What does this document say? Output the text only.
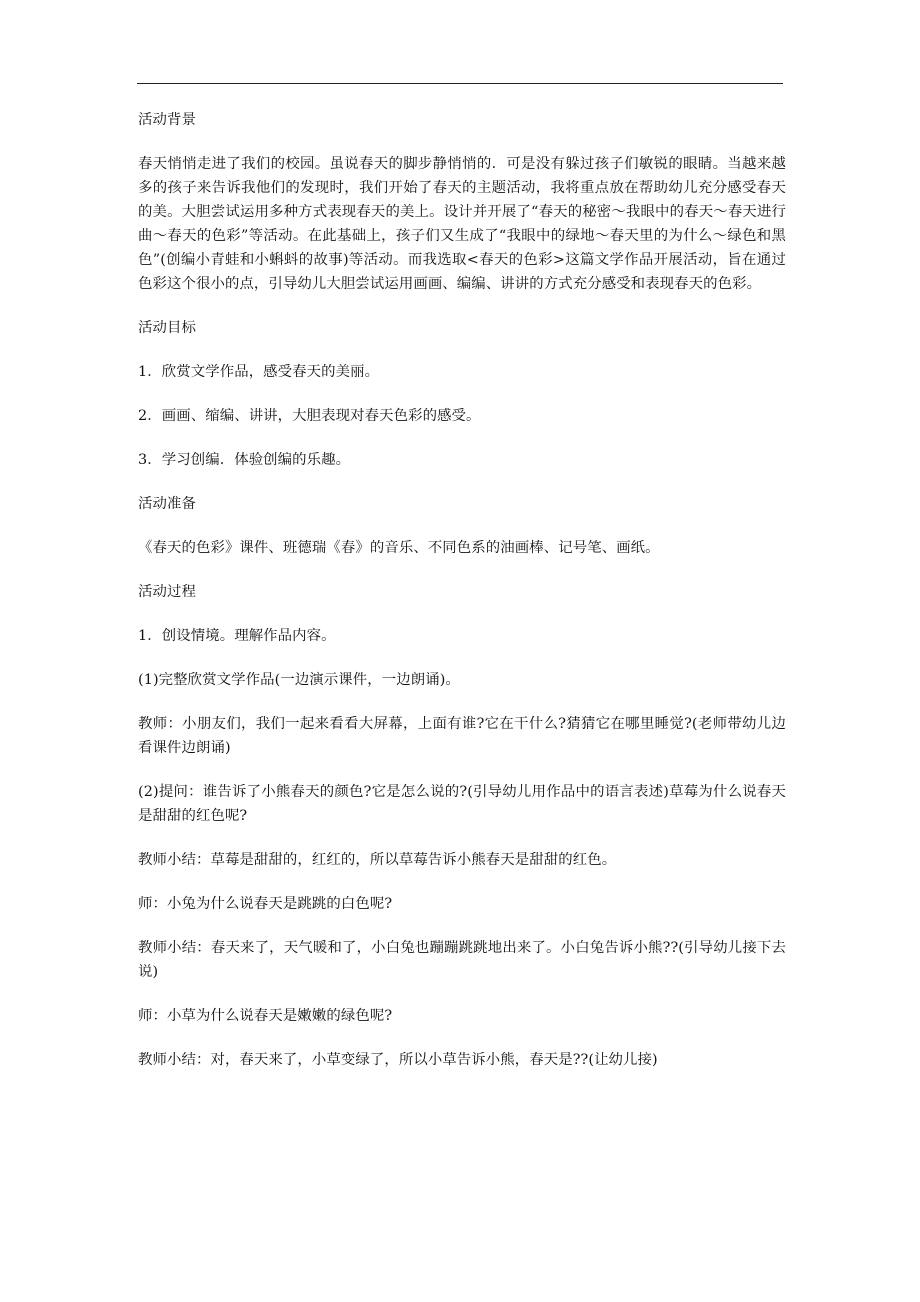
活动背景

春天悄悄走进了我们的校园。虽说春天的脚步静悄悄的．可是没有躲过孩子们敏锐的眼睛。当越来越多的孩子来告诉我他们的发现时，我们开始了春天的主题活动，我将重点放在帮助幼儿充分感受春天的美。大胆尝试运用多种方式表现春天的美上。设计并开展了“春天的秘密～我眼中的春天～春天进行曲～春天的色彩”等活动。在此基础上，孩子们又生成了“我眼中的绿地～春天里的为什么～绿色和黑色”(创编小青蛙和小蝌蚪的故事)等活动。而我选取<春天的色彩>这篇文学作品开展活动，旨在通过色彩这个很小的点，引导幼儿大胆尝试运用画画、编编、讲讲的方式充分感受和表现春天的色彩。

活动目标

1．欣赏文学作品，感受春天的美丽。

2．画画、缩编、讲讲，大胆表现对春天色彩的感受。

3．学习创编．体验创编的乐趣。

活动准备

《春天的色彩》课件、班德瑞《春》的音乐、不同色系的油画棒、记号笔、画纸。

活动过程

1．创设情境。理解作品内容。

(1)完整欣赏文学作品(一边演示课件，一边朗诵)。

教师：小朋友们，我们一起来看看大屏幕，上面有谁?它在干什么?猜猜它在哪里睡觉?(老师带幼儿边看课件边朗诵)

(2)提问：谁告诉了小熊春天的颜色?它是怎么说的?(引导幼儿用作品中的语言表述)草莓为什么说春天是甜甜的红色呢?

教师小结：草莓是甜甜的，红红的，所以草莓告诉小熊春天是甜甜的红色。

师：小兔为什么说春天是跳跳的白色呢?

教师小结：春天来了，天气暖和了，小白兔也蹦蹦跳跳地出来了。小白兔告诉小熊??(引导幼儿接下去说)

师：小草为什么说春天是嫩嫩的绿色呢?

教师小结：对，春天来了，小草变绿了，所以小草告诉小熊，春天是??(让幼儿接)
